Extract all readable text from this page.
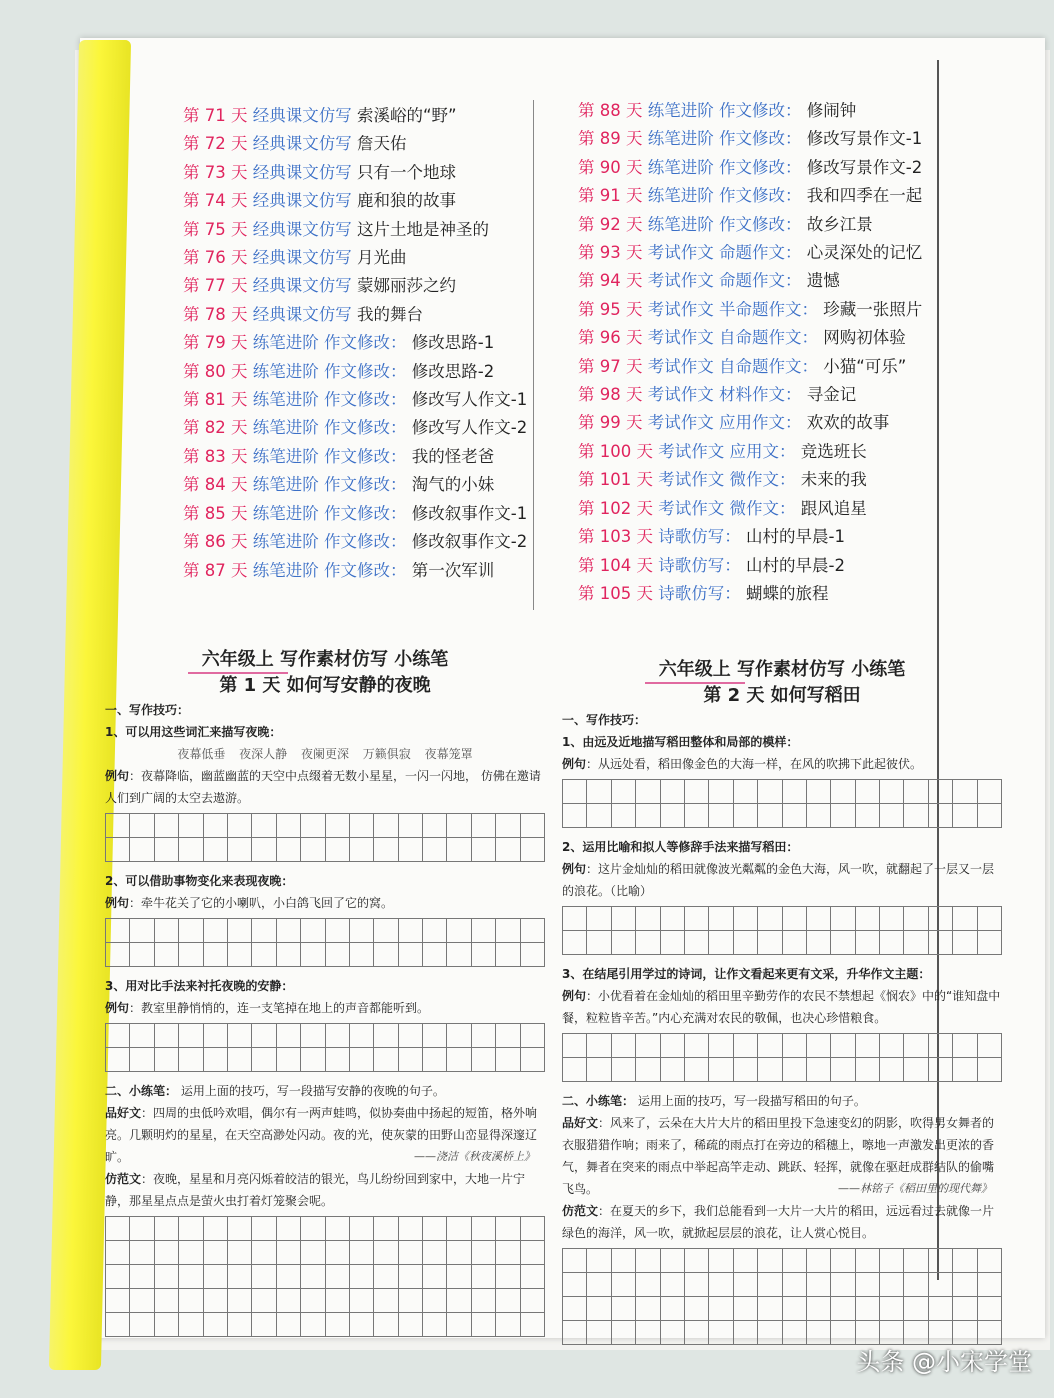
第 71 天 经典课文仿写 索溪峪的“野”
第 72 天 经典课文仿写 詹天佑
第 73 天 经典课文仿写 只有一个地球
第 74 天 经典课文仿写 鹿和狼的故事
第 75 天 经典课文仿写 这片土地是神圣的
第 76 天 经典课文仿写 月光曲
第 77 天 经典课文仿写 蒙娜丽莎之约
第 78 天 经典课文仿写 我的舞台
第 79 天 练笔进阶 作文修改： 修改思路-1
第 80 天 练笔进阶 作文修改： 修改思路-2
第 81 天 练笔进阶 作文修改： 修改写人作文-1
第 82 天 练笔进阶 作文修改： 修改写人作文-2
第 83 天 练笔进阶 作文修改： 我的怪老爸
第 84 天 练笔进阶 作文修改： 淘气的小妹
第 85 天 练笔进阶 作文修改： 修改叙事作文-1
第 86 天 练笔进阶 作文修改： 修改叙事作文-2
第 87 天 练笔进阶 作文修改： 第一次军训
第 88 天 练笔进阶 作文修改： 修闹钟
第 89 天 练笔进阶 作文修改： 修改写景作文-1
第 90 天 练笔进阶 作文修改： 修改写景作文-2
第 91 天 练笔进阶 作文修改： 我和四季在一起
第 92 天 练笔进阶 作文修改： 故乡江景
第 93 天 考试作文 命题作文： 心灵深处的记忆
第 94 天 考试作文 命题作文： 遗憾
第 95 天 考试作文 半命题作文： 珍藏一张照片
第 96 天 考试作文 自命题作文： 网购初体验
第 97 天 考试作文 自命题作文： 小猫“可乐”
第 98 天 考试作文 材料作文： 寻金记
第 99 天 考试作文 应用作文： 欢欢的故事
第 100 天 考试作文 应用文： 竞选班长
第 101 天 考试作文 微作文： 未来的我
第 102 天 考试作文 微作文： 跟风追星
第 103 天 诗歌仿写： 山村的早晨-1
第 104 天 诗歌仿写： 山村的早晨-2
第 105 天 诗歌仿写： 蝴蝶的旅程
六年级上 写作素材仿写 小练笔
第 1 天 如何写安静的夜晚
一、写作技巧：
1、可以用这些词汇来描写夜晚：
夜幕低垂 夜深人静 夜阑更深 万籁俱寂 夜幕笼罩
例句：夜幕降临，幽蓝幽蓝的天空中点缀着无数小星星，一闪一闪地， 仿佛在邀请人们到广阔的太空去遨游。
2、可以借助事物变化来表现夜晚：
例句：牵牛花关了它的小喇叭，小白鸽飞回了它的窝。
3、用对比手法来衬托夜晚的安静：
例句：教室里静悄悄的，连一支笔掉在地上的声音都能听到。
二、小练笔： 运用上面的技巧，写一段描写安静的夜晚的句子。
品好文：四周的虫低吟欢唱，偶尔有一两声蛙鸣，似协奏曲中扬起的短笛，格外响亮。几颗明灼的星星，在天空高渺处闪动。夜的光，使灰蒙的田野山峦显得深邃辽旷。	——浇洁《秋夜溪桥上》
仿范文：夜晚，星星和月亮闪烁着皎洁的银光，鸟儿纷纷回到家中，大地一片宁静，那星星点点是萤火虫打着灯笼聚会呢。
六年级上 写作素材仿写 小练笔
第 2 天 如何写稻田
一、写作技巧：
1、由远及近地描写稻田整体和局部的模样：
例句：从远处看，稻田像金色的大海一样，在风的吹拂下此起彼伏。
2、运用比喻和拟人等修辞手法来描写稻田：
例句：这片金灿灿的稻田就像波光粼粼的金色大海，风一吹，就翻起了一层又一层的浪花。（比喻）
3、在结尾引用学过的诗词，让作文看起来更有文采，升华作文主题：
例句：小优看着在金灿灿的稻田里辛勤劳作的农民不禁想起《悯农》中的“谁知盘中餐，粒粒皆辛苦。”内心充满对农民的敬佩，也决心珍惜粮食。
二、小练笔： 运用上面的技巧，写一段描写稻田的句子。
品好文：风来了，云朵在大片大片的稻田里投下急速变幻的阴影，吹得男女舞者的衣服猎猎作响；雨来了，稀疏的雨点打在旁边的稻穗上，嚓地一声激发出更浓的香气，舞者在突来的雨点中举起高竿走动、跳跃、轻挥，就像在驱赶成群结队的偷嘴飞鸟。	——林铭子《稻田里的现代舞》
仿范文：在夏天的乡下，我们总能看到一大片一大片的稻田，远远看过去就像一片绿色的海洋，风一吹，就掀起层层的浪花，让人赏心悦目。
头条 @小宋学堂
